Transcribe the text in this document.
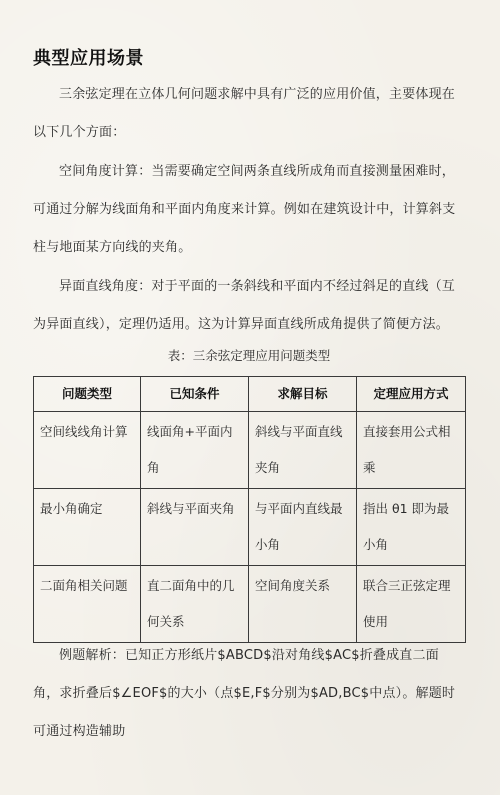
典型应用场景

三余弦定理在立体几何问题求解中具有广泛的应用价值，主要体现在以下几个方面：

空间角度计算：当需要确定空间两条直线所成角而直接测量困难时，可通过分解为线面角和平面内角度来计算。例如在建筑设计中，计算斜支柱与地面某方向线的夹角。

异面直线角度：对于平面的一条斜线和平面内不经过斜足的直线（互为异面直线），定理仍适用。这为计算异面直线所成角提供了简便方法。

表：三余弦定理应用问题类型
问题类型	已知条件	求解目标	定理应用方式
空间线线角计算	线面角+平面内角	斜线与平面直线夹角	直接套用公式相乘
最小角确定	斜线与平面夹角	与平面内直线最小角	指出 θ1 即为最小角
二面角相关问题	直二面角中的几何关系	空间角度关系	联合三正弦定理使用

例题解析：已知正方形纸片$ABCD$沿对角线$AC$折叠成直二面角，求折叠后$∠EOF$的大小（点$E,F$分别为$AD,BC$中点）。解题时可通过构造辅助
